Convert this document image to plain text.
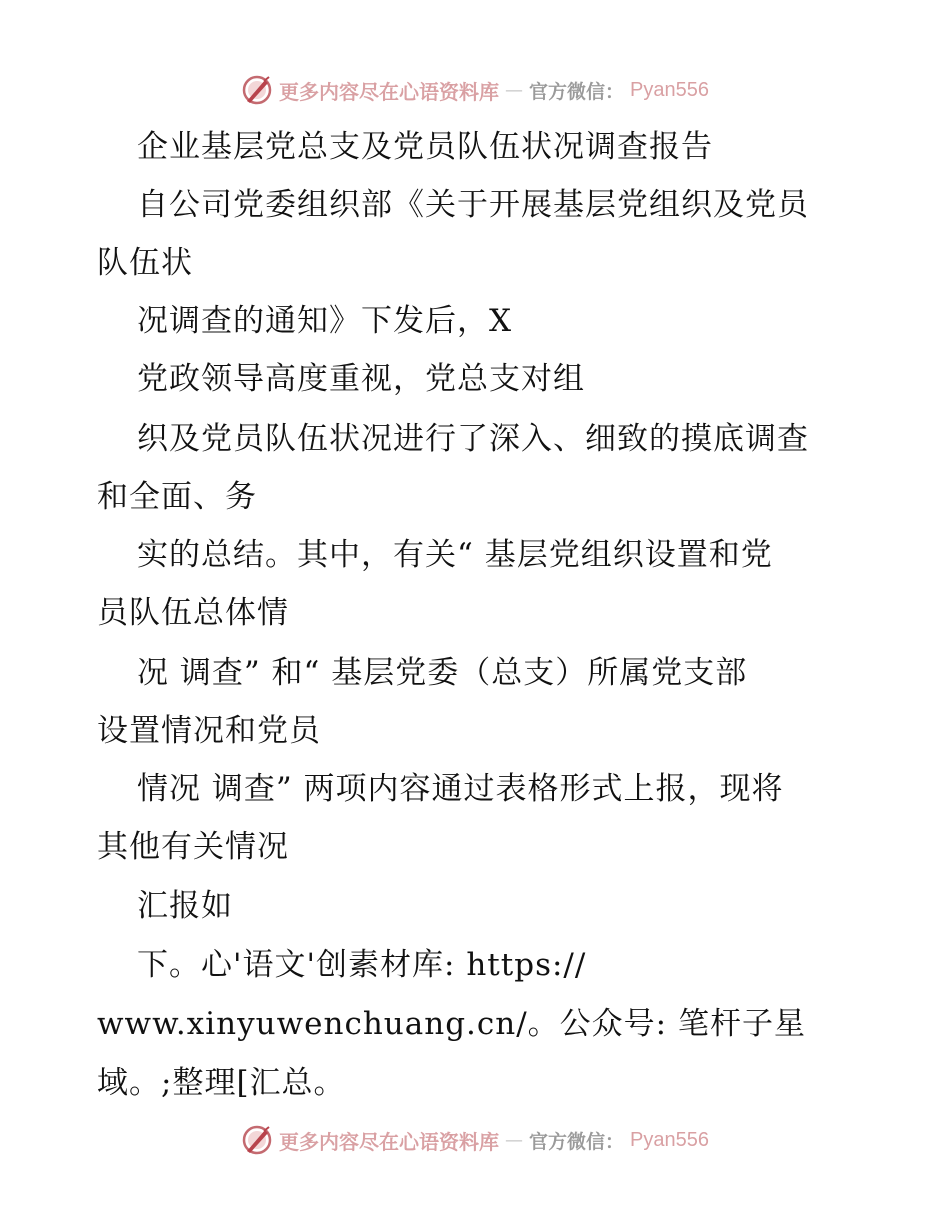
更多内容尽在心语资料库 — 官方微信： Pyan556
企业基层党总支及党员队伍状况调查报告
自公司党委组织部《关于开展基层党组织及党员
队伍状
况调查的通知》下发后，X
党政领导高度重视，党总支对组
织及党员队伍状况进行了深入、细致的摸底调查
和全面、务
实的总结。其中，有关“ 基层党组织设置和党
员队伍总体情
况 调查” 和“ 基层党委（总支）所属党支部
设置情况和党员
情况 调查” 两项内容通过表格形式上报，现将
其他有关情况
汇报如
下。心'语文'创素材库: https://
www.xinyuwenchuang.cn/。公众号: 笔杆子星
域。;整理[汇总。
更多内容尽在心语资料库 — 官方微信： Pyan556
